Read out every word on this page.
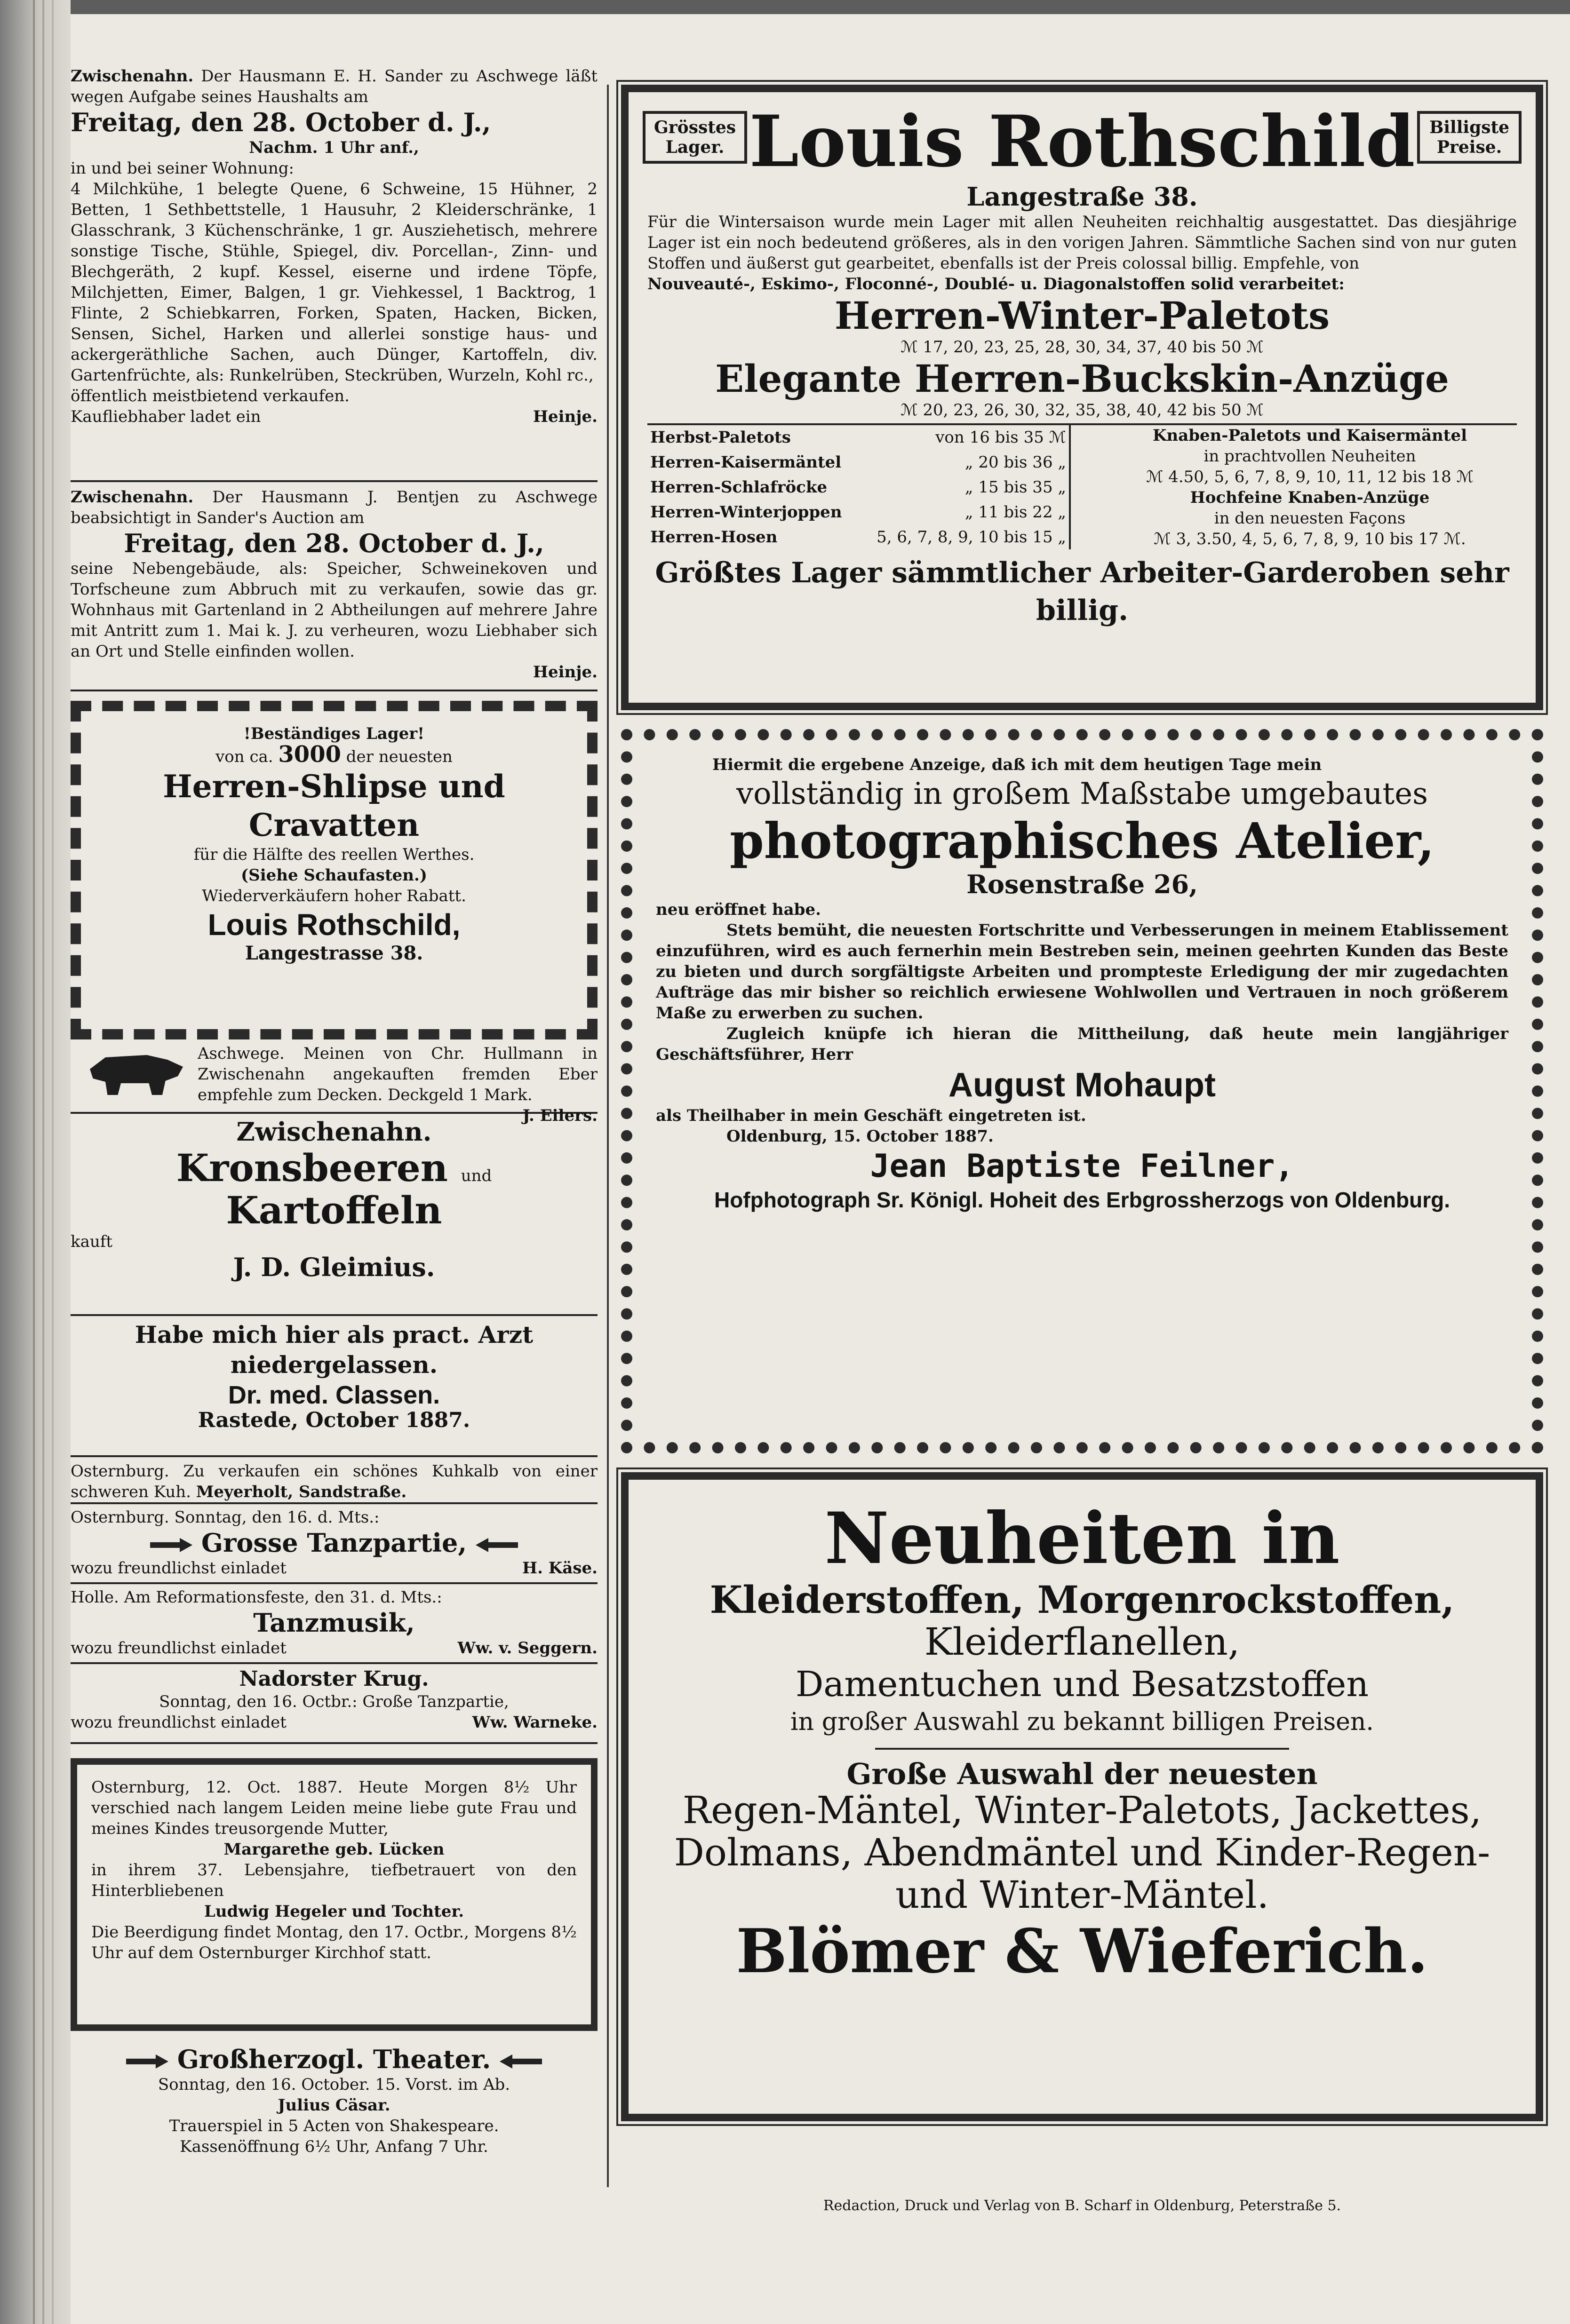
Zwischenahn. Der Hausmann E. H. Sander zu Aschwege läßt wegen Aufgabe seines Haushalts am
Freitag, den 28. October d. J.,
Nachm. 1 Uhr anf.,
in und bei seiner Wohnung:
4 Milchkühe, 1 belegte Quene, 6 Schweine, 15 Hühner, 2 Betten, 1 Sethbettstelle, 1 Hausuhr, 2 Kleiderschränke, 1 Glasschrank, 3 Küchenschränke, 1 gr. Ausziehetisch, mehrere sonstige Tische, Stühle, Spiegel, div. Porcellan-, Zinn- und Blechgeräth, 2 kupf. Kessel, eiserne und irdene Töpfe, Milchjetten, Eimer, Balgen, 1 gr. Viehkessel, 1 Backtrog, 1 Flinte, 2 Schiebkarren, Forken, Spaten, Hacken, Bicken, Sensen, Sichel, Harken und allerlei sonstige haus- und ackergeräthliche Sachen, auch Dünger, Kartoffeln, div. Gartenfrüchte, als: Runkelrüben, Steckrüben, Wurzeln, Kohl rc.,
öffentlich meistbietend verkaufen.
Kaufliebhaber ladet ein	Heinje.
Zwischenahn. Der Hausmann J. Bentjen zu Aschwege beabsichtigt in Sander's Auction am
Freitag, den 28. October d. J.,
seine Nebengebäude, als: Speicher, Schweinekoven und Torfscheune zum Abbruch mit zu verkaufen, sowie das gr. Wohnhaus mit Gartenland in 2 Abtheilungen auf mehrere Jahre mit Antritt zum 1. Mai k. J. zu verheuren, wozu Liebhaber sich an Ort und Stelle einfinden wollen.
Heinje.
!Beständiges Lager!
von ca. 3000 der neuesten
Herren-Shlipse und Cravatten
für die Hälfte des reellen Werthes.
(Siehe Schaufasten.)
Wiederverkäufern hoher Rabatt.
Louis Rothschild,
Langestrasse 38.
Aschwege. Meinen von Chr. Hullmann in Zwischenahn angekauften fremden Eber empfehle zum Decken. Deckgeld 1 Mark.
J. Eilers.
Zwischenahn.
Kronsbeeren und
Kartoffeln
kauft
J. D. Gleimius.
Habe mich hier als pract. Arzt niedergelassen.
Dr. med. Classen.
Rastede, October 1887.
Osternburg. Zu verkaufen ein schönes Kuhkalb von einer schweren Kuh. Meyerholt, Sandstraße.
Osternburg. Sonntag, den 16. d. Mts.:
Grosse Tanzpartie,
wozu freundlichst einladet	H. Käse.
Holle. Am Reformationsfeste, den 31. d. Mts.:
Tanzmusik,
wozu freundlichst einladet	Ww. v. Seggern.
Nadorster Krug.
Sonntag, den 16. Octbr.: Große Tanzpartie,
wozu freundlichst einladet	Ww. Warneke.
Osternburg, 12. Oct. 1887. Heute Morgen 8½ Uhr verschied nach langem Leiden meine liebe gute Frau und meines Kindes treusorgende Mutter,
Margarethe geb. Lücken
in ihrem 37. Lebensjahre, tiefbetrauert von den Hinterbliebenen
Ludwig Hegeler und Tochter.
Die Beerdigung findet Montag, den 17. Octbr., Morgens 8½ Uhr auf dem Osternburger Kirchhof statt.
Großherzogl. Theater.
Sonntag, den 16. October. 15. Vorst. im Ab.
Julius Cäsar.
Trauerspiel in 5 Acten von Shakespeare.
Kassenöffnung 6½ Uhr, Anfang 7 Uhr.
Grösstes Lager.
Billigste Preise.
Louis Rothschild
Langestraße 38.
Für die Wintersaison wurde mein Lager mit allen Neuheiten reichhaltig ausgestattet. Das diesjährige Lager ist ein noch bedeutend größeres, als in den vorigen Jahren. Sämmtliche Sachen sind von nur guten Stoffen und äußerst gut gearbeitet, ebenfalls ist der Preis colossal billig. Empfehle, von
Nouveauté-, Eskimo-, Floconné-, Doublé- u. Diagonalstoffen solid verarbeitet:
Herren-Winter-Paletots
ℳ 17, 20, 23, 25, 28, 30, 34, 37, 40 bis 50 ℳ
Elegante Herren-Buckskin-Anzüge
ℳ 20, 23, 26, 30, 32, 35, 38, 40, 42 bis 50 ℳ
Herbst-Paletots	von 16 bis 35 ℳ
Herren-Kaisermäntel	„ 20 bis 36 „
Herren-Schlafröcke	„ 15 bis 35 „
Herren-Winterjoppen	„ 11 bis 22 „
Herren-Hosen	5, 6, 7, 8, 9, 10 bis 15 „
Knaben-Paletots und Kaisermäntel
in prachtvollen Neuheiten
ℳ 4.50, 5, 6, 7, 8, 9, 10, 11, 12 bis 18 ℳ
Hochfeine Knaben-Anzüge
in den neuesten Façons
ℳ 3, 3.50, 4, 5, 6, 7, 8, 9, 10 bis 17 ℳ.
Größtes Lager sämmtlicher Arbeiter-Garderoben sehr billig.
Hiermit die ergebene Anzeige, daß ich mit dem heutigen Tage mein
vollständig in großem Maßstabe umgebautes
photographisches Atelier,
Rosenstraße 26,
neu eröffnet habe.
Stets bemüht, die neuesten Fortschritte und Verbesserungen in meinem Etablissement einzuführen, wird es auch fernerhin mein Bestreben sein, meinen geehrten Kunden das Beste zu bieten und durch sorgfältigste Arbeiten und prompteste Erledigung der mir zugedachten Aufträge das mir bisher so reichlich erwiesene Wohlwollen und Vertrauen in noch größerem Maße zu erwerben zu suchen.
Zugleich knüpfe ich hieran die Mittheilung, daß heute mein langjähriger Geschäftsführer, Herr
August Mohaupt
als Theilhaber in mein Geschäft eingetreten ist.
Oldenburg, 15. October 1887.
Jean Baptiste Feilner,
Hofphotograph Sr. Königl. Hoheit des Erbgrossherzogs von Oldenburg.
Neuheiten in
Kleiderstoffen, Morgenrockstoffen,
Kleiderflanellen,
Damentuchen und Besatzstoffen
in großer Auswahl zu bekannt billigen Preisen.
Große Auswahl der neuesten
Regen-Mäntel, Winter-Paletots, Jackettes,
Dolmans, Abendmäntel und Kinder-Regen-
und Winter-Mäntel.
Blömer & Wieferich.
Redaction, Druck und Verlag von B. Scharf in Oldenburg, Peterstraße 5.
